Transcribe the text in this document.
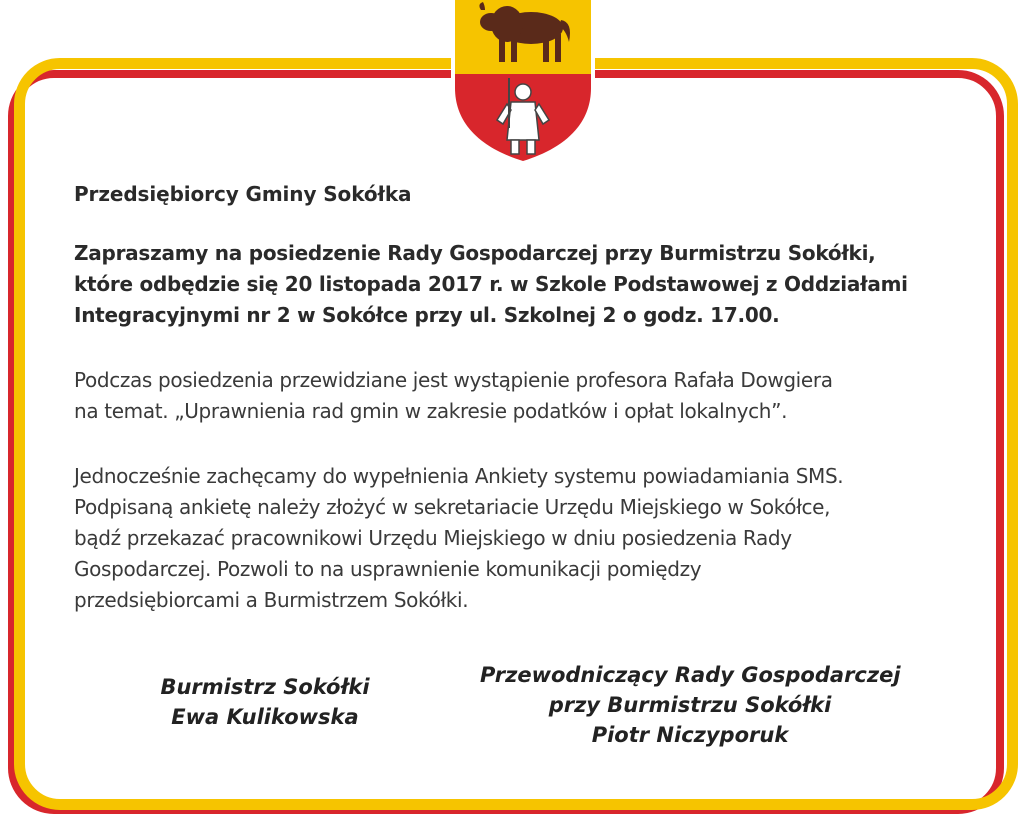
Przedsiębiorcy Gminy Sokółka
Zapraszamy na posiedzenie Rady Gospodarczej przy Burmistrzu Sokółki,
które odbędzie się 20 listopada 2017 r. w Szkole Podstawowej z Oddziałami
Integracyjnymi nr 2 w Sokółce przy ul. Szkolnej 2 o godz. 17.00.
Podczas posiedzenia przewidziane jest wystąpienie profesora Rafała Dowgiera
na temat. „Uprawnienia rad gmin w zakresie podatków i opłat lokalnych”.
Jednocześnie zachęcamy do wypełnienia Ankiety systemu powiadamiania SMS.
Podpisaną ankietę należy złożyć w sekretariacie Urzędu Miejskiego w Sokółce,
bądź przekazać pracownikowi Urzędu Miejskiego w dniu posiedzenia Rady
Gospodarczej. Pozwoli to na usprawnienie komunikacji pomiędzy
przedsiębiorcami a Burmistrzem Sokółki.
Burmistrz Sokółki
Ewa Kulikowska
Przewodniczący Rady Gospodarczej
przy Burmistrzu Sokółki
Piotr Niczyporuk
